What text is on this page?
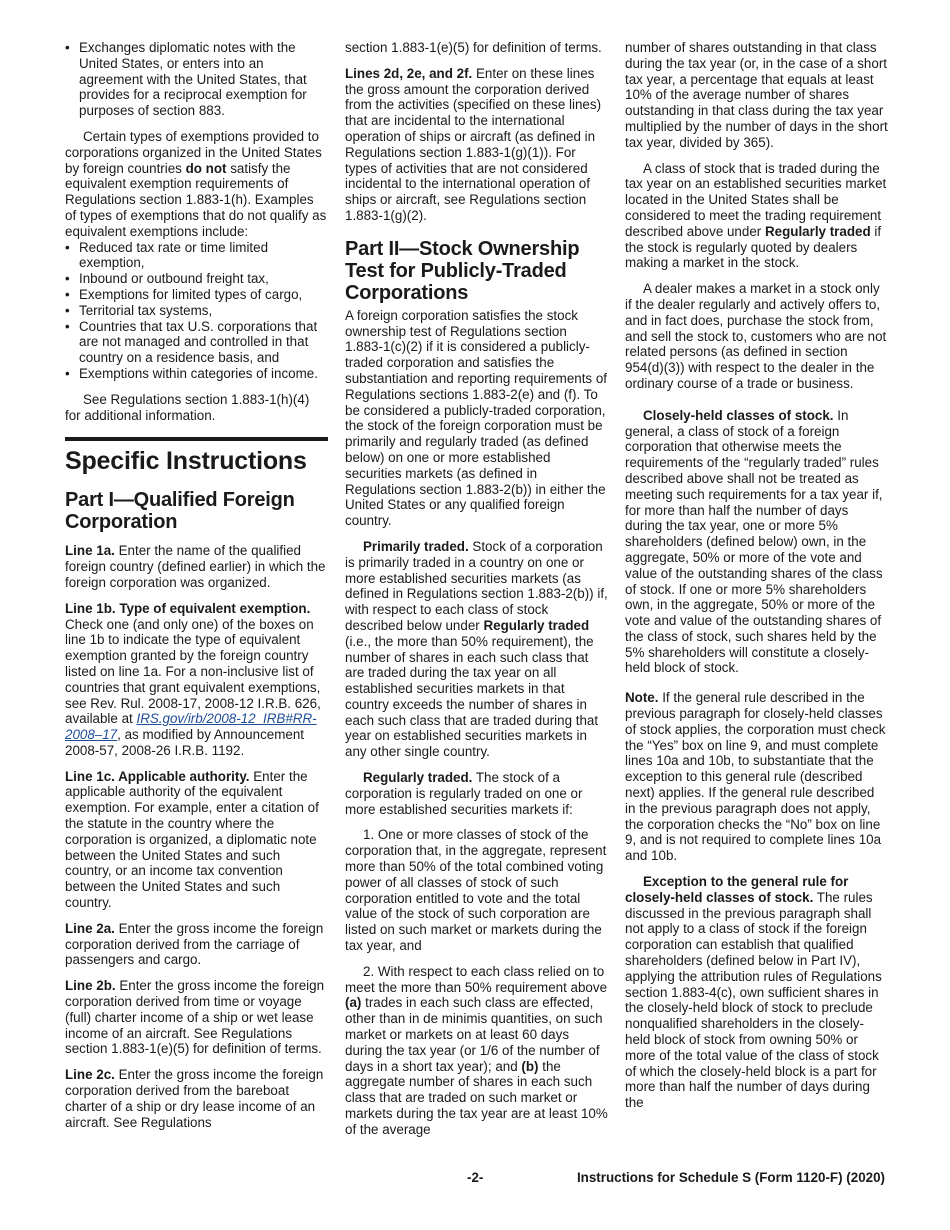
• Exchanges diplomatic notes with the United States, or enters into an agreement with the United States, that provides for a reciprocal exemption for purposes of section 883.

Certain types of exemptions provided to corporations organized in the United States by foreign countries do not satisfy the equivalent exemption requirements of Regulations section 1.883-1(h). Examples of types of exemptions that do not qualify as equivalent exemptions include:

• Reduced tax rate or time limited exemption,

• Inbound or outbound freight tax,

• Exemptions for limited types of cargo,

• Territorial tax systems,

• Countries that tax U.S. corporations that are not managed and controlled in that country on a residence basis, and

• Exemptions within categories of income.

See Regulations section 1.883-1(h)(4) for additional information.

Specific Instructions
Part I—Qualified Foreign Corporation

Line 1a. Enter the name of the qualified foreign country (defined earlier) in which the foreign corporation was organized.

Line 1b. Type of equivalent exemption. Check one (and only one) of the boxes on line 1b to indicate the type of equivalent exemption granted by the foreign country listed on line 1a. For a non-inclusive list of countries that grant equivalent exemptions, see Rev. Rul. 2008-17, 2008-12 I.R.B. 626, available at IRS.gov/irb/2008-12_IRB#RR-2008–17, as modified by Announcement 2008-57, 2008-26 I.R.B. 1192.

Line 1c. Applicable authority. Enter the applicable authority of the equivalent exemption. For example, enter a citation of the statute in the country where the corporation is organized, a diplomatic note between the United States and such country, or an income tax convention between the United States and such country.

Line 2a. Enter the gross income the foreign corporation derived from the carriage of passengers and cargo.

Line 2b. Enter the gross income the foreign corporation derived from time or voyage (full) charter income of a ship or wet lease income of an aircraft. See Regulations section 1.883-1(e)(5) for definition of terms.

Line 2c. Enter the gross income the foreign corporation derived from the bareboat charter of a ship or dry lease income of an aircraft. See Regulations

section 1.883-1(e)(5) for definition of terms.

Lines 2d, 2e, and 2f. Enter on these lines the gross amount the corporation derived from the activities (specified on these lines) that are incidental to the international operation of ships or aircraft (as defined in Regulations section 1.883-1(g)(1)). For types of activities that are not considered incidental to the international operation of ships or aircraft, see Regulations section 1.883-1(g)(2).

Part II—Stock Ownership Test for Publicly-Traded Corporations

A foreign corporation satisfies the stock ownership test of Regulations section 1.883-1(c)(2) if it is considered a publicly-traded corporation and satisfies the substantiation and reporting requirements of Regulations sections 1.883-2(e) and (f). To be considered a publicly-traded corporation, the stock of the foreign corporation must be primarily and regularly traded (as defined below) on one or more established securities markets (as defined in Regulations section 1.883-2(b)) in either the United States or any qualified foreign country.

Primarily traded. Stock of a corporation is primarily traded in a country on one or more established securities markets (as defined in Regulations section 1.883-2(b)) if, with respect to each class of stock described below under Regularly traded (i.e., the more than 50% requirement), the number of shares in each such class that are traded during the tax year on all established securities markets in that country exceeds the number of shares in each such class that are traded during that year on established securities markets in any other single country.

Regularly traded. The stock of a corporation is regularly traded on one or more established securities markets if:

1. One or more classes of stock of the corporation that, in the aggregate, represent more than 50% of the total combined voting power of all classes of stock of such corporation entitled to vote and the total value of the stock of such corporation are listed on such market or markets during the tax year, and

2. With respect to each class relied on to meet the more than 50% requirement above (a) trades in each such class are effected, other than in de minimis quantities, on such market or markets on at least 60 days during the tax year (or 1/6 of the number of days in a short tax year); and (b) the aggregate number of shares in each such class that are traded on such market or markets during the tax year are at least 10% of the average

number of shares outstanding in that class during the tax year (or, in the case of a short tax year, a percentage that equals at least 10% of the average number of shares outstanding in that class during the tax year multiplied by the number of days in the short tax year, divided by 365).

A class of stock that is traded during the tax year on an established securities market located in the United States shall be considered to meet the trading requirement described above under Regularly traded if the stock is regularly quoted by dealers making a market in the stock.

A dealer makes a market in a stock only if the dealer regularly and actively offers to, and in fact does, purchase the stock from, and sell the stock to, customers who are not related persons (as defined in section 954(d)(3)) with respect to the dealer in the ordinary course of a trade or business.

Closely-held classes of stock. In general, a class of stock of a foreign corporation that otherwise meets the requirements of the “regularly traded” rules described above shall not be treated as meeting such requirements for a tax year if, for more than half the number of days during the tax year, one or more 5% shareholders (defined below) own, in the aggregate, 50% or more of the vote and value of the outstanding shares of the class of stock. If one or more 5% shareholders own, in the aggregate, 50% or more of the vote and value of the outstanding shares of the class of stock, such shares held by the 5% shareholders will constitute a closely-held block of stock.

Note. If the general rule described in the previous paragraph for closely-held classes of stock applies, the corporation must check the “Yes” box on line 9, and must complete lines 10a and 10b, to substantiate that the exception to this general rule (described next) applies. If the general rule described in the previous paragraph does not apply, the corporation checks the “No” box on line 9, and is not required to complete lines 10a and 10b.

Exception to the general rule for closely-held classes of stock. The rules discussed in the previous paragraph shall not apply to a class of stock if the foreign corporation can establish that qualified shareholders (defined below in Part IV), applying the attribution rules of Regulations section 1.883-4(c), own sufficient shares in the closely-held block of stock to preclude nonqualified shareholders in the closely-held block of stock from owning 50% or more of the total value of the class of stock of which the closely-held block is a part for more than half the number of days during the

-2-	Instructions for Schedule S (Form 1120-F) (2020)
